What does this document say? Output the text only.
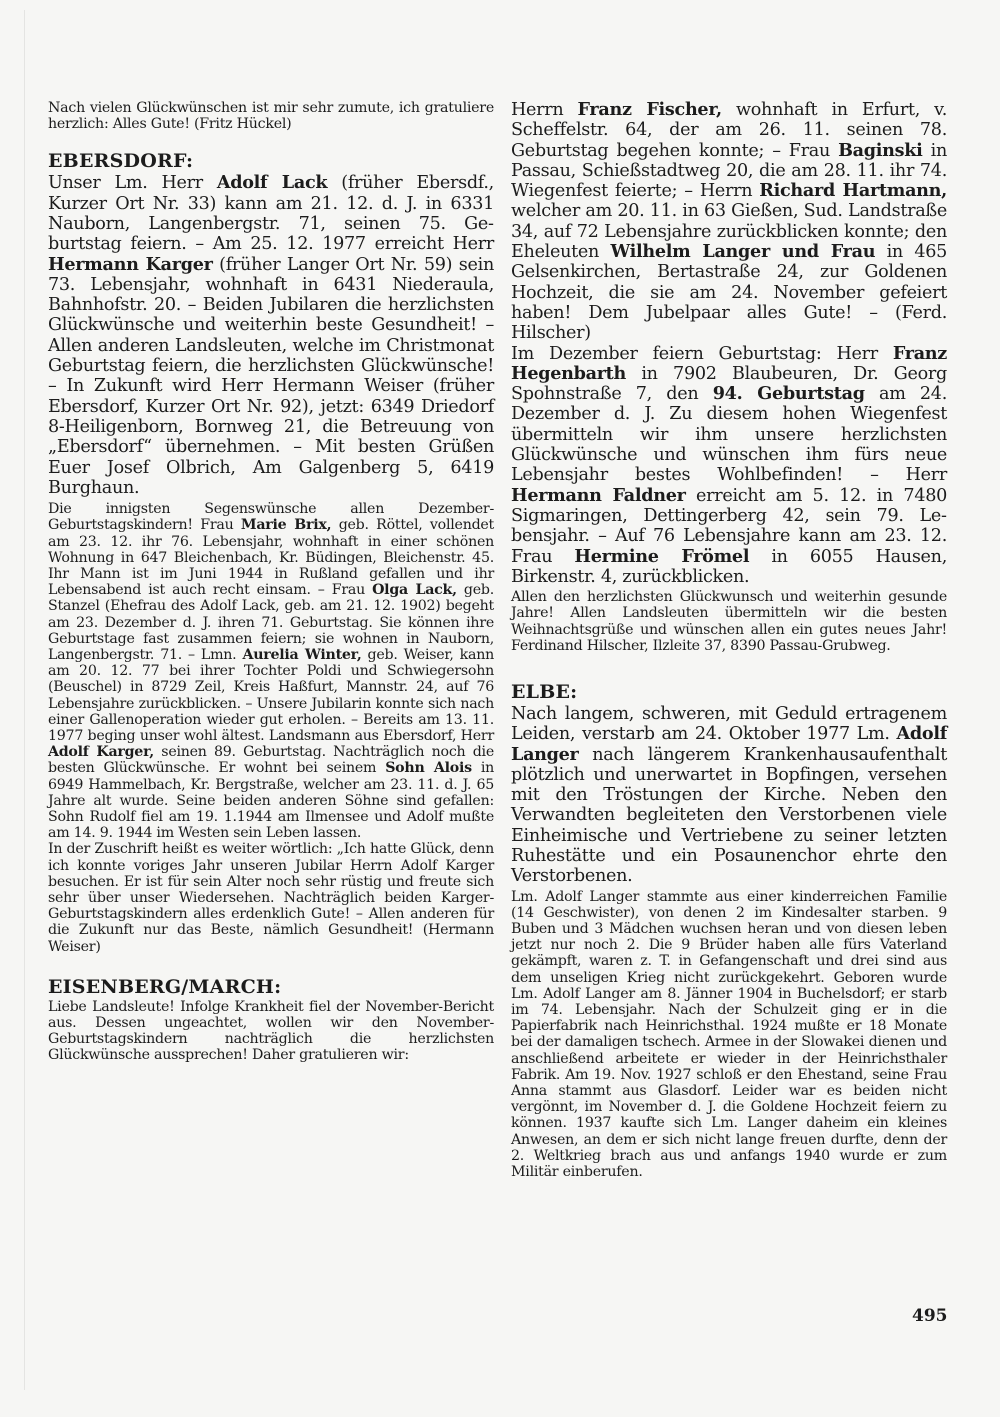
Nach vielen Glückwünschen ist mir sehr zumute, ich gratuliere herzlich: Alles Gute! (Fritz Hückel)

EBERSDORF:

Unser Lm. Herr Adolf Lack (früher Ebersdf., Kurzer Ort Nr. 33) kann am 21. 12. d. J. in 6331 Nauborn, Langenbergstr. 71, seinen 75. Geburtstag feiern. – Am 25. 12. 1977 erreicht Herr Hermann Karger (früher Langer Ort Nr. 59) sein 73. Lebensjahr, wohnhaft in 6431 Niederaula, Bahnhofstr. 20. – Beiden Jubilaren die herzlichsten Glückwünsche und weiterhin beste Gesundheit! – Allen anderen Landsleuten, welche im Christmonat Geburtstag feiern, die herzlichsten Glückwünsche! – In Zukunft wird Herr Hermann Weiser (früher Ebersdorf, Kurzer Ort Nr. 92), jetzt: 6349 Driedorf 8-Heiligenborn, Bornweg 21, die Betreuung von „Ebersdorf“ übernehmen. – Mit besten Grüßen Euer Josef Olbrich, Am Galgenberg 5, 6419 Burghaun.

Die innigsten Segenswünsche allen Dezember-Geburtstagskindern! Frau Marie Brix, geb. Röttel, vollendet am 23. 12. ihr 76. Lebensjahr, wohnhaft in einer schönen Wohnung in 647 Bleichenbach, Kr. Büdingen, Bleichenstr. 45. Ihr Mann ist im Juni 1944 in Rußland gefallen und ihr Lebensabend ist auch recht einsam. – Frau Olga Lack, geb. Stanzel (Ehefrau des Adolf Lack, geb. am 21. 12. 1902) begeht am 23. Dezember d. J. ihren 71. Geburtstag. Sie können ihre Geburtstage fast zusammen feiern; sie wohnen in Nauborn, Langenbergstr. 71. – Lmn. Aurelia Winter, geb. Weiser, kann am 20. 12. 77 bei ihrer Tochter Poldi und Schwiegersohn (Beuschel) in 8729 Zeil, Kreis Haßfurt, Mannstr. 24, auf 76 Lebensjahre zurückblicken. – Unsere Jubilarin konnte sich nach einer Gallenoperation wieder gut erholen. – Bereits am 13. 11. 1977 beging unser wohl ältest. Landsmann aus Ebersdorf, Herr Adolf Karger, seinen 89. Geburtstag. Nachträglich noch die besten Glückwünsche. Er wohnt bei seinem Sohn Alois in 6949 Hammelbach, Kr. Bergstraße, welcher am 23. 11. d. J. 65 Jahre alt wurde. Seine beiden anderen Söhne sind gefallen: Sohn Rudolf fiel am 19. 1.1944 am Ilmensee und Adolf mußte am 14. 9. 1944 im Westen sein Leben lassen.

In der Zuschrift heißt es weiter wörtlich: „Ich hatte Glück, denn ich konnte voriges Jahr unseren Jubilar Herrn Adolf Karger besuchen. Er ist für sein Alter noch sehr rüstig und freute sich sehr über unser Wiedersehen. Nachträglich beiden Karger-Geburtstagskindern alles erdenklich Gute! – Allen anderen für die Zukunft nur das Beste, nämlich Gesundheit! (Hermann Weiser)

EISENBERG/MARCH:

Liebe Landsleute! Infolge Krankheit fiel der November-Bericht aus. Dessen ungeachtet, wollen wir den November-Geburtstagskindern nachträglich die herzlichsten Glückwünsche aussprechen! Daher gratulieren wir:

Herrn Franz Fischer, wohnhaft in Erfurt, v. Scheffelstr. 64, der am 26. 11. seinen 78. Geburtstag begehen konnte; – Frau Baginski in Passau, Schießstadtweg 20, die am 28. 11. ihr 74. Wiegenfest feierte; – Herrn Richard Hartmann, welcher am 20. 11. in 63 Gießen, Sud. Landstraße 34, auf 72 Lebensjahre zurückblicken konnte; den Eheleuten Wilhelm Langer und Frau in 465 Gelsenkirchen, Bertastraße 24, zur Goldenen Hochzeit, die sie am 24. November gefeiert haben! Dem Jubelpaar alles Gute! – (Ferd. Hilscher)

Im Dezember feiern Geburtstag: Herr Franz Hegenbarth in 7902 Blaubeuren, Dr. Georg Spohnstraße 7, den 94. Geburtstag am 24. Dezember d. J. Zu diesem hohen Wiegenfest übermitteln wir ihm unsere herzlichsten Glückwünsche und wünschen ihm fürs neue Lebensjahr bestes Wohlbefinden! – Herr Hermann Faldner erreicht am 5. 12. in 7480 Sigmaringen, Dettingerberg 42, sein 79. Lebensjahr. – Auf 76 Lebensjahre kann am 23. 12. Frau Hermine Frömel in 6055 Hausen, Birkenstr. 4, zurückblicken.

Allen den herzlichsten Glückwunsch und weiterhin gesunde Jahre! Allen Landsleuten übermitteln wir die besten Weihnachtsgrüße und wünschen allen ein gutes neues Jahr! Ferdinand Hilscher, Ilzleite 37, 8390 Passau-Grubweg.

ELBE:

Nach langem, schweren, mit Geduld ertragenem Leiden, verstarb am 24. Oktober 1977 Lm. Adolf Langer nach längerem Krankenhausaufenthalt plötzlich und unerwartet in Bopfingen, versehen mit den Tröstungen der Kirche. Neben den Verwandten begleiteten den Verstorbenen viele Einheimische und Vertriebene zu seiner letzten Ruhestätte und ein Posaunenchor ehrte den Verstorbenen.

Lm. Adolf Langer stammte aus einer kinderreichen Familie (14 Geschwister), von denen 2 im Kindesalter starben. 9 Buben und 3 Mädchen wuchsen heran und von diesen leben jetzt nur noch 2. Die 9 Brüder haben alle fürs Vaterland gekämpft, waren z. T. in Gefangenschaft und drei sind aus dem unseligen Krieg nicht zurückgekehrt. Geboren wurde Lm. Adolf Langer am 8. Jänner 1904 in Buchelsdorf; er starb im 74. Lebensjahr. Nach der Schulzeit ging er in die Papierfabrik nach Heinrichsthal. 1924 mußte er 18 Monate bei der damaligen tschech. Armee in der Slowakei dienen und anschließend arbeitete er wieder in der Heinrichsthaler Fabrik. Am 19. Nov. 1927 schloß er den Ehestand, seine Frau Anna stammt aus Glasdorf. Leider war es beiden nicht vergönnt, im November d. J. die Goldene Hochzeit feiern zu können. 1937 kaufte sich Lm. Langer daheim ein kleines Anwesen, an dem er sich nicht lange freuen durfte, denn der 2. Weltkrieg brach aus und anfangs 1940 wurde er zum Militär einberufen.

495
